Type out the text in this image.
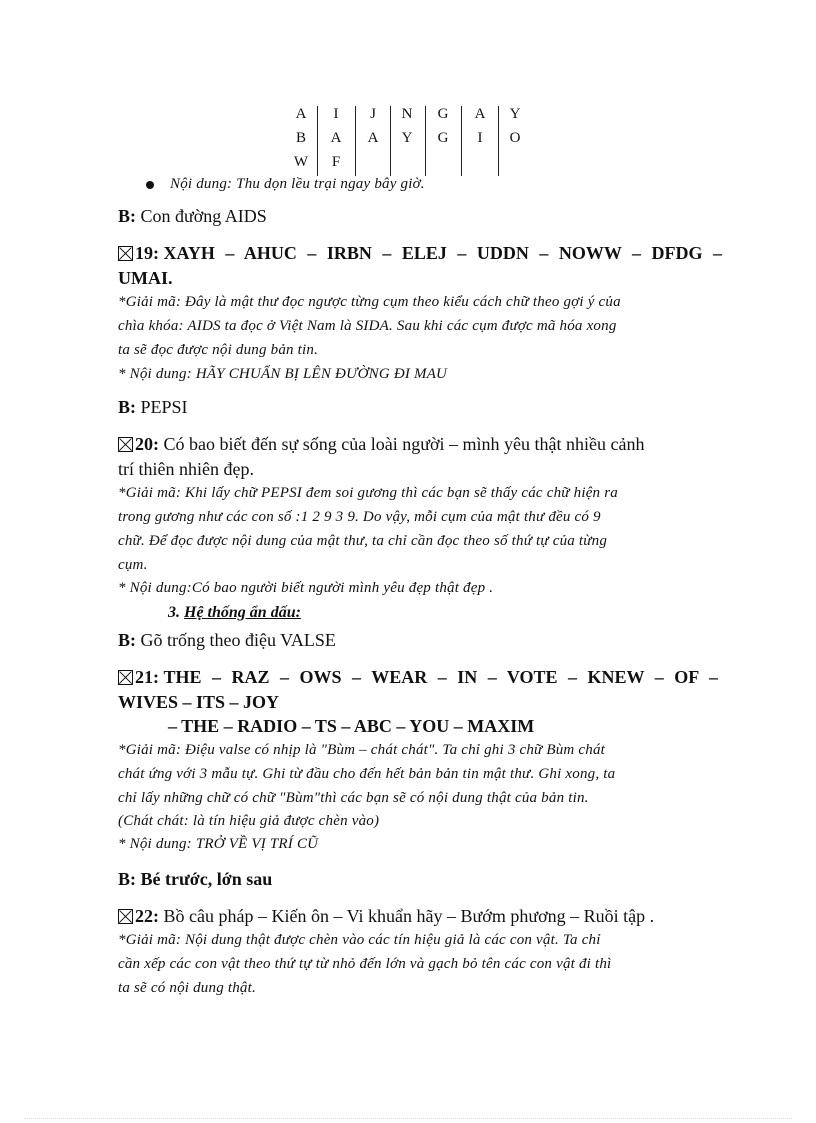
A
B
W
I
A
F
J
A
N
Y
G
G
A
I
Y
O
Nội dung: Thu dọn lều trại ngay bây giờ.
B: Con đường AIDS
19: XAYH – AHUC – IRBN – ELEJ – UDDN – NOWW – DFDG –
UMAI.
*Giải mã: Đây là mật thư đọc ngược từng cụm theo kiểu cách chữ theo gợi ý của
chìa khóa: AIDS ta đọc ở Việt Nam là SIDA. Sau khi các cụm được mã hóa xong
ta sẽ đọc được nội dung bản tin.
* Nội dung: HÃY CHUẨN BỊ LÊN ĐƯỜNG ĐI MAU
B: PEPSI
20: Có bao biết đến sự sống của loài người – mình yêu thật nhiều cảnh
trí thiên nhiên đẹp.
*Giải mã: Khi lấy chữ PEPSI đem soi gương thì các bạn sẽ thấy các chữ hiện ra
trong gương như các con số :1 2 9 3 9. Do vậy, mỗi cụm của mật thư đều có 9
chữ. Để đọc được nội dung của mật thư, ta chỉ cần đọc theo số thứ tự của từng
cụm.
* Nội dung:Có bao người biết người mình yêu đẹp thật đẹp .
3. Hệ thống ẩn dấu:
B: Gõ trống theo điệu VALSE
21: THE – RAZ – OWS – WEAR – IN – VOTE – KNEW – OF –
WIVES – ITS – JOY
– THE – RADIO – TS – ABC – YOU – MAXIM
*Giải mã: Điệu valse có nhịp là "Bùm – chát chát". Ta chỉ ghi 3 chữ Bùm chát
chát ứng với 3 mẫu tự. Ghi từ đầu cho đến hết bản bản tin mật thư. Ghi xong, ta
chỉ lấy những chữ có chữ "Bùm"thì các bạn sẽ có nội dung thật của bản tin.
(Chát chát: là tín hiệu giả được chèn vào)
* Nội dung: TRỞ VỀ VỊ TRÍ CŨ
B: Bé trước, lớn sau
22: Bồ câu pháp – Kiến ôn – Vi khuẩn hãy – Bướm phương – Ruồi tập .
*Giải mã: Nội dung thật được chèn vào các tín hiệu giả là các con vật. Ta chỉ
cần xếp các con vật theo thứ tự từ nhỏ đến lớn và gạch bỏ tên các con vật đi thì
ta sẽ có nội dung thật.
